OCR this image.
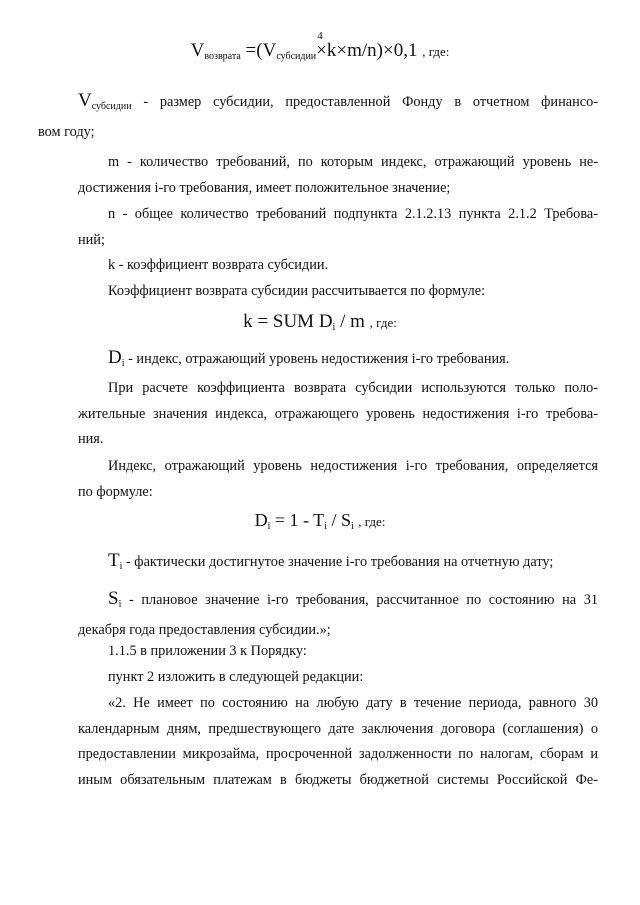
4
$V_{возврата} =(V_{субсидии}\times k\times m/n)\times 0,1$ , где:

$V_{субсидии}$ - размер субсидии, предоставленной Фонду в отчетном финансо-
вом году;

m - количество требований, по которым индекс, отражающий уровень не-
достижения i-го требования, имеет положительное значение;

n - общее количество требований подпункта 2.1.2.13 пункта 2.1.2 Требова-
ний;

k - коэффициент возврата субсидии.

Коэффициент возврата субсидии рассчитывается по формуле:

k = SUM $D_i$ / m , где:

$D_i$ - индекс, отражающий уровень недостижения i-го требования.

При расчете коэффициента возврата субсидии используются только поло-
жительные значения индекса, отражающего уровень недостижения i-го требова-
ния.

Индекс, отражающий уровень недостижения i-го требования, определяется
по формуле:

$D_i = 1 - T_i / S_i$ , где:

$T_i$ - фактически достигнутое значение i-го требования на отчетную дату;

$S_i$ - плановое значение i-го требования, рассчитанное по состоянию на 31
декабря года предоставления субсидии.»;

1.1.5 в приложении 3 к Порядку:

пункт 2 изложить в следующей редакции:

«2. Не имеет по состоянию на любую дату в течение периода, равного 30
календарным дням, предшествующего дате заключения договора (соглашения) о
предоставлении микрозайма, просроченной задолженности по налогам, сборам и
иным обязательным платежам в бюджеты бюджетной системы Российской Фе-
